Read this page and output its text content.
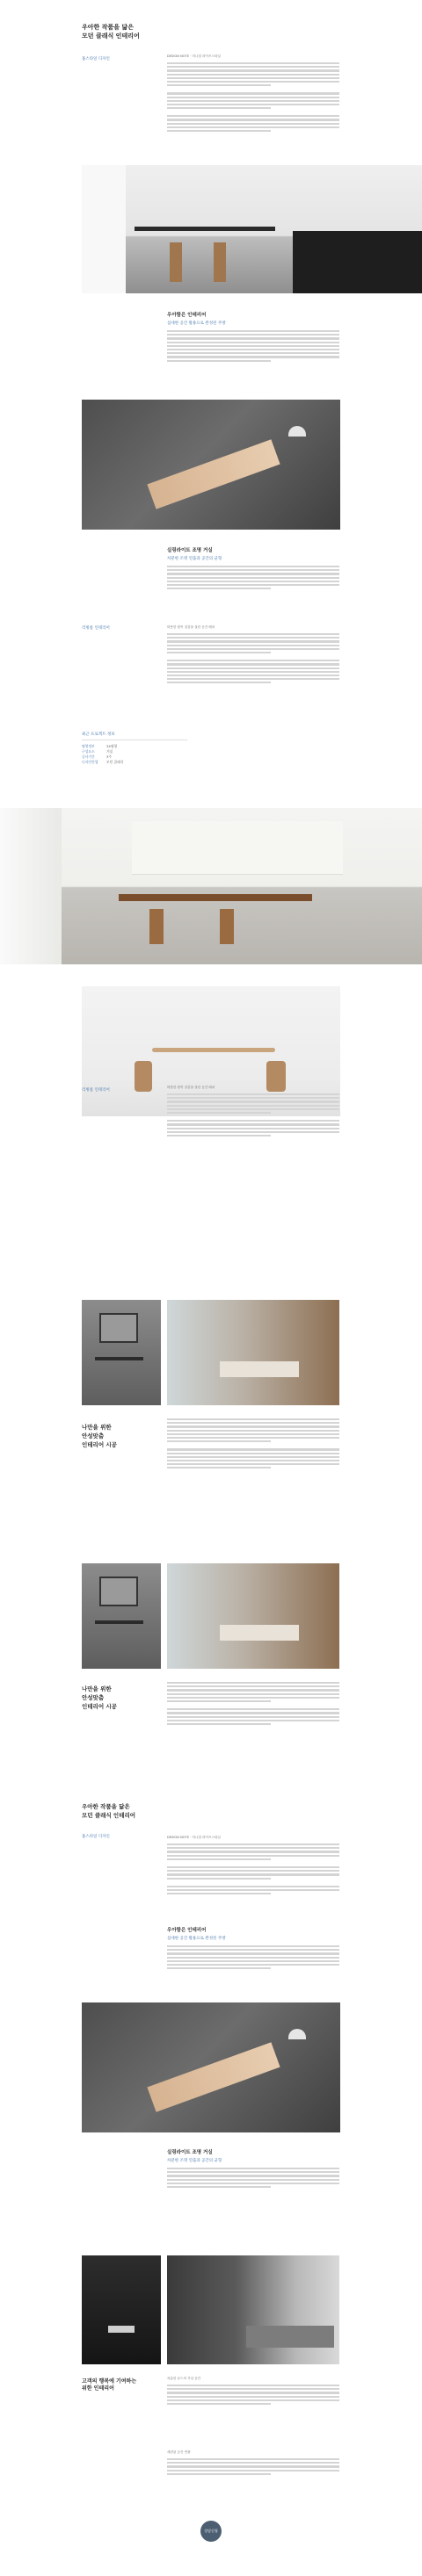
우아한 작품을 닮은
모던 클래식 인테리어
홈스타일 디자인
DESIGN NOTE · 미니멀 라이프스타일
우아함은 인테리어
섬세한 공간 활용으로 완성된 주방
실링라이트 조명 거실
차분한 조명 연출과 공간의 균형
리빙룸 인테리어	따뜻한 원목 질감을 살린 공간 배치
최근 프로젝트 정보
평형정보	34평형
구성요소	거실
공사기간	3주
디자인컨셉	모던 클래식
리빙룸 인테리어
따뜻한 원목 질감을 살린 공간 배치
나만을 위한
안성맞춤
인테리어 시공
나만을 위한
안성맞춤
인테리어 시공
우아한 작품을 닮은
모던 클래식 인테리어
홈스타일 디자인	DESIGN NOTE · 미니멀 라이프스타일
우아함은 인테리어
섬세한 공간 활용으로 완성된 주방
실링라이트 조명 거실
차분한 조명 연출과 공간의 균형
고객의 행복에 기여하는
위한 인테리어
차분한 무드의 거실 공간
세련된 공간 연출
상담신청
